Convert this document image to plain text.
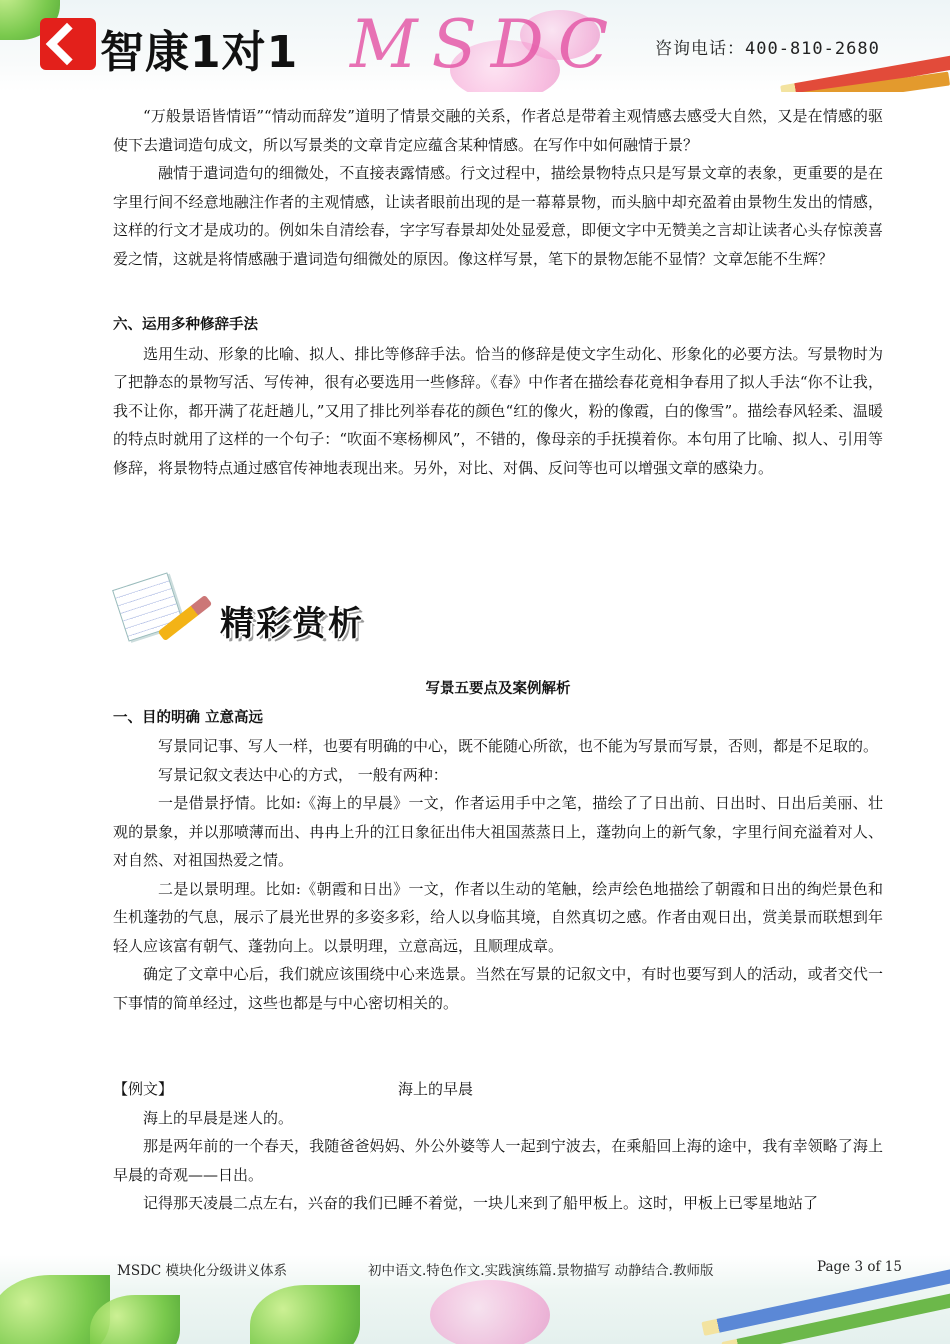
智康1对1 MSDC 咨询电话：400-810-2680

“万般景语皆情语”“情动而辞发”道明了情景交融的关系，作者总是带着主观情感去感受大自然，又是在情感的驱使下去遣词造句成文，所以写景类的文章肯定应蕴含某种情感。在写作中如何融情于景？

融情于遣词造句的细微处，不直接表露情感。行文过程中，描绘景物特点只是写景文章的表象，更重要的是在字里行间不经意地融注作者的主观情感，让读者眼前出现的是一幕幕景物，而头脑中却充盈着由景物生发出的情感，这样的行文才是成功的。例如朱自清绘春，字字写春景却处处显爱意，即便文字中无赞美之言却让读者心头存惊羡喜爱之情，这就是将情感融于遣词造句细微处的原因。像这样写景，笔下的景物怎能不显情？文章怎能不生辉？

六、运用多种修辞手法

选用生动、形象的比喻、拟人、排比等修辞手法。恰当的修辞是使文字生动化、形象化的必要方法。写景物时为了把静态的景物写活、写传神，很有必要选用一些修辞。《春》中作者在描绘春花竟相争春用了拟人手法“你不让我，我不让你，都开满了花赶趟儿，”又用了排比列举春花的颜色“红的像火，粉的像霞，白的像雪”。描绘春风轻柔、温暖的特点时就用了这样的一个句子：“吹面不寒杨柳风”，不错的，像母亲的手抚摸着你。本句用了比喻、拟人、引用等修辞，将景物特点通过感官传神地表现出来。另外，对比、对偶、反问等也可以增强文章的感染力。

精彩赏析

写景五要点及案例解析

一、目的明确 立意高远

写景同记事、写人一样，也要有明确的中心，既不能随心所欲，也不能为写景而写景，否则，都是不足取的。

写景记叙文表达中心的方式， 一般有两种：

一是借景抒情。比如:《海上的早晨》一文，作者运用手中之笔，描绘了了日出前、日出时、日出后美丽、壮观的景象，并以那喷薄而出、冉冉上升的江日象征出伟大祖国蒸蒸日上，蓬勃向上的新气象，字里行间充溢着对人、对自然、对祖国热爱之情。

二是以景明理。比如:《朝霞和日出》一文，作者以生动的笔触，绘声绘色地描绘了朝霞和日出的绚烂景色和生机蓬勃的气息，展示了晨光世界的多姿多彩，给人以身临其境，自然真切之感。作者由观日出，赏美景而联想到年轻人应该富有朝气、蓬勃向上。以景明理，立意高远，且顺理成章。

确定了文章中心后，我们就应该围绕中心来选景。当然在写景的记叙文中，有时也要写到人的活动，或者交代一下事情的简单经过，这些也都是与中心密切相关的。

【例文】	海上的早晨

海上的早晨是迷人的。

那是两年前的一个春天，我随爸爸妈妈、外公外婆等人一起到宁波去，在乘船回上海的途中，我有幸领略了海上早晨的奇观——日出。

记得那天凌晨二点左右，兴奋的我们已睡不着觉，一块儿来到了船甲板上。这时，甲板上已零星地站了

MSDC 模块化分级讲义体系	初中语文.特色作文.实践演练篇.景物描写 动静结合.教师版	Page 3 of 15
